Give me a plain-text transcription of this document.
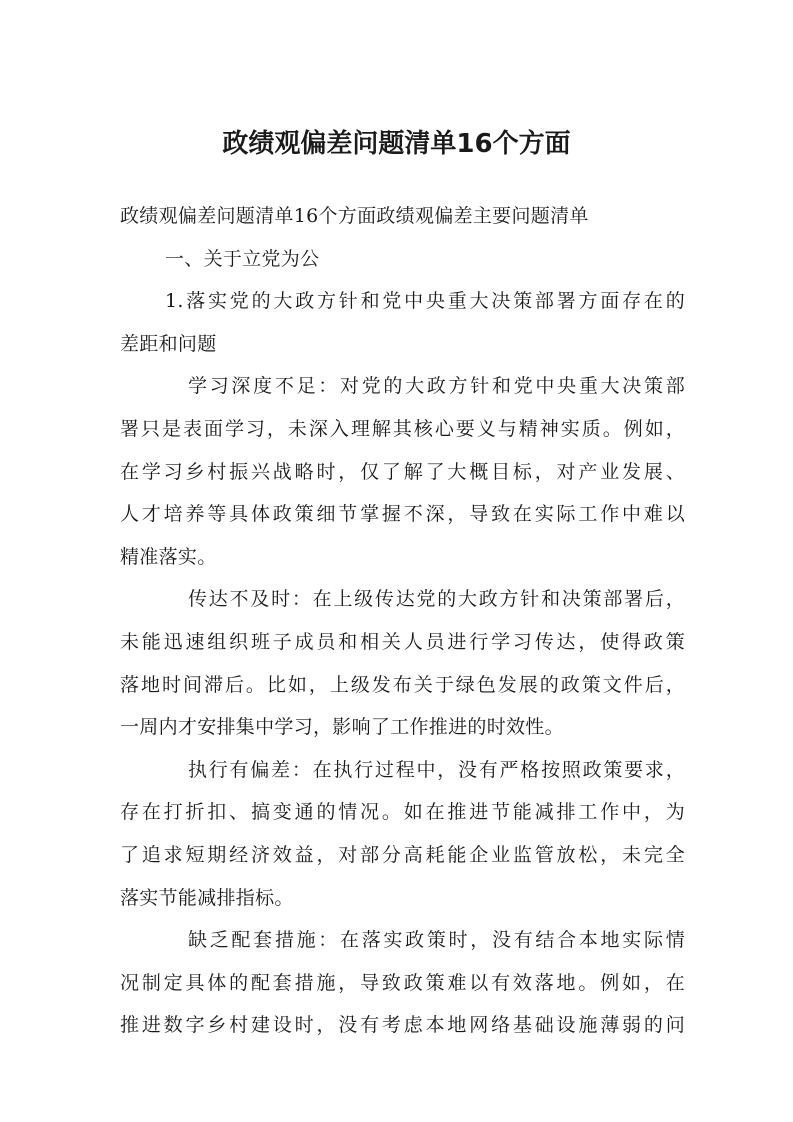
政绩观偏差问题清单16个方面
政绩观偏差问题清单16个方面政绩观偏差主要问题清单
一、关于立党为公
1.落实党的大政方针和党中央重大决策部署方面存在的
差距和问题
学习深度不足：对党的大政方针和党中央重大决策部
署只是表面学习，未深入理解其核心要义与精神实质。例如，
在学习乡村振兴战略时，仅了解了大概目标，对产业发展、
人才培养等具体政策细节掌握不深，导致在实际工作中难以
精准落实。
传达不及时：在上级传达党的大政方针和决策部署后，
未能迅速组织班子成员和相关人员进行学习传达，使得政策
落地时间滞后。比如，上级发布关于绿色发展的政策文件后，
一周内才安排集中学习，影响了工作推进的时效性。
执行有偏差：在执行过程中，没有严格按照政策要求，
存在打折扣、搞变通的情况。如在推进节能减排工作中，为
了追求短期经济效益，对部分高耗能企业监管放松，未完全
落实节能减排指标。
缺乏配套措施：在落实政策时，没有结合本地实际情
况制定具体的配套措施，导致政策难以有效落地。例如，在
推进数字乡村建设时，没有考虑本地网络基础设施薄弱的问
